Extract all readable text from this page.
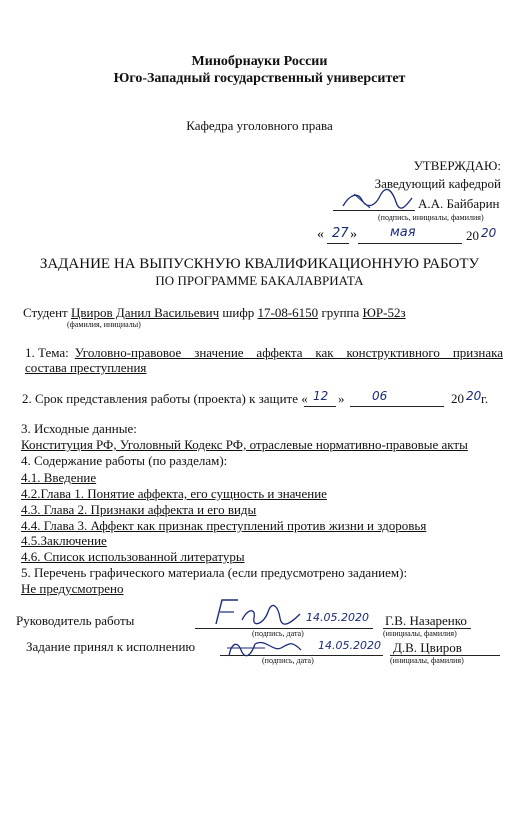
Минобрнауки России
Юго-Западный государственный университет
Кафедра уголовного права
УТВЕРЖДАЮ:
Заведующий кафедрой
А.А. Байбарин
(подпись, инициалы, фамилия)
« 27 »	мая	20 20
ЗАДАНИЕ НА ВЫПУСКНУЮ КВАЛИФИКАЦИОННУЮ РАБОТУ
ПО ПРОГРАММЕ БАКАЛАВРИАТА
Студент Цвиров Данил Васильевич шифр 17-08-6150 группа ЮР-52з
(фамилия, инициалы)
1. Тема: Уголовно-правовое значение аффекта как конструктивного признака
состава преступления
2. Срок представления работы (проекта) к защите « 12 » 06	20 20 г.
3. Исходные данные:
Конституция РФ, Уголовный Кодекс РФ, отраслевые нормативно-правовые акты
4. Содержание работы (по разделам):
4.1. Введение
4.2.Глава 1. Понятие аффекта, его сущность и значение
4.3. Глава 2. Признаки аффекта и его виды
4.4. Глава 3. Аффект как признак преступлений против жизни и здоровья
4.5.Заключение
4.6. Список использованной литературы
5. Перечень графического материала (если предусмотрено заданием):
Не предусмотрено
Руководитель работы	14.05.2020
(подпись, дата)
Г.В. Назаренко
(инициалы, фамилия)
Задание принял к исполнению	14.05.2020
(подпись, дата)
Д.В. Цвиров
(инициалы, фамилия)
